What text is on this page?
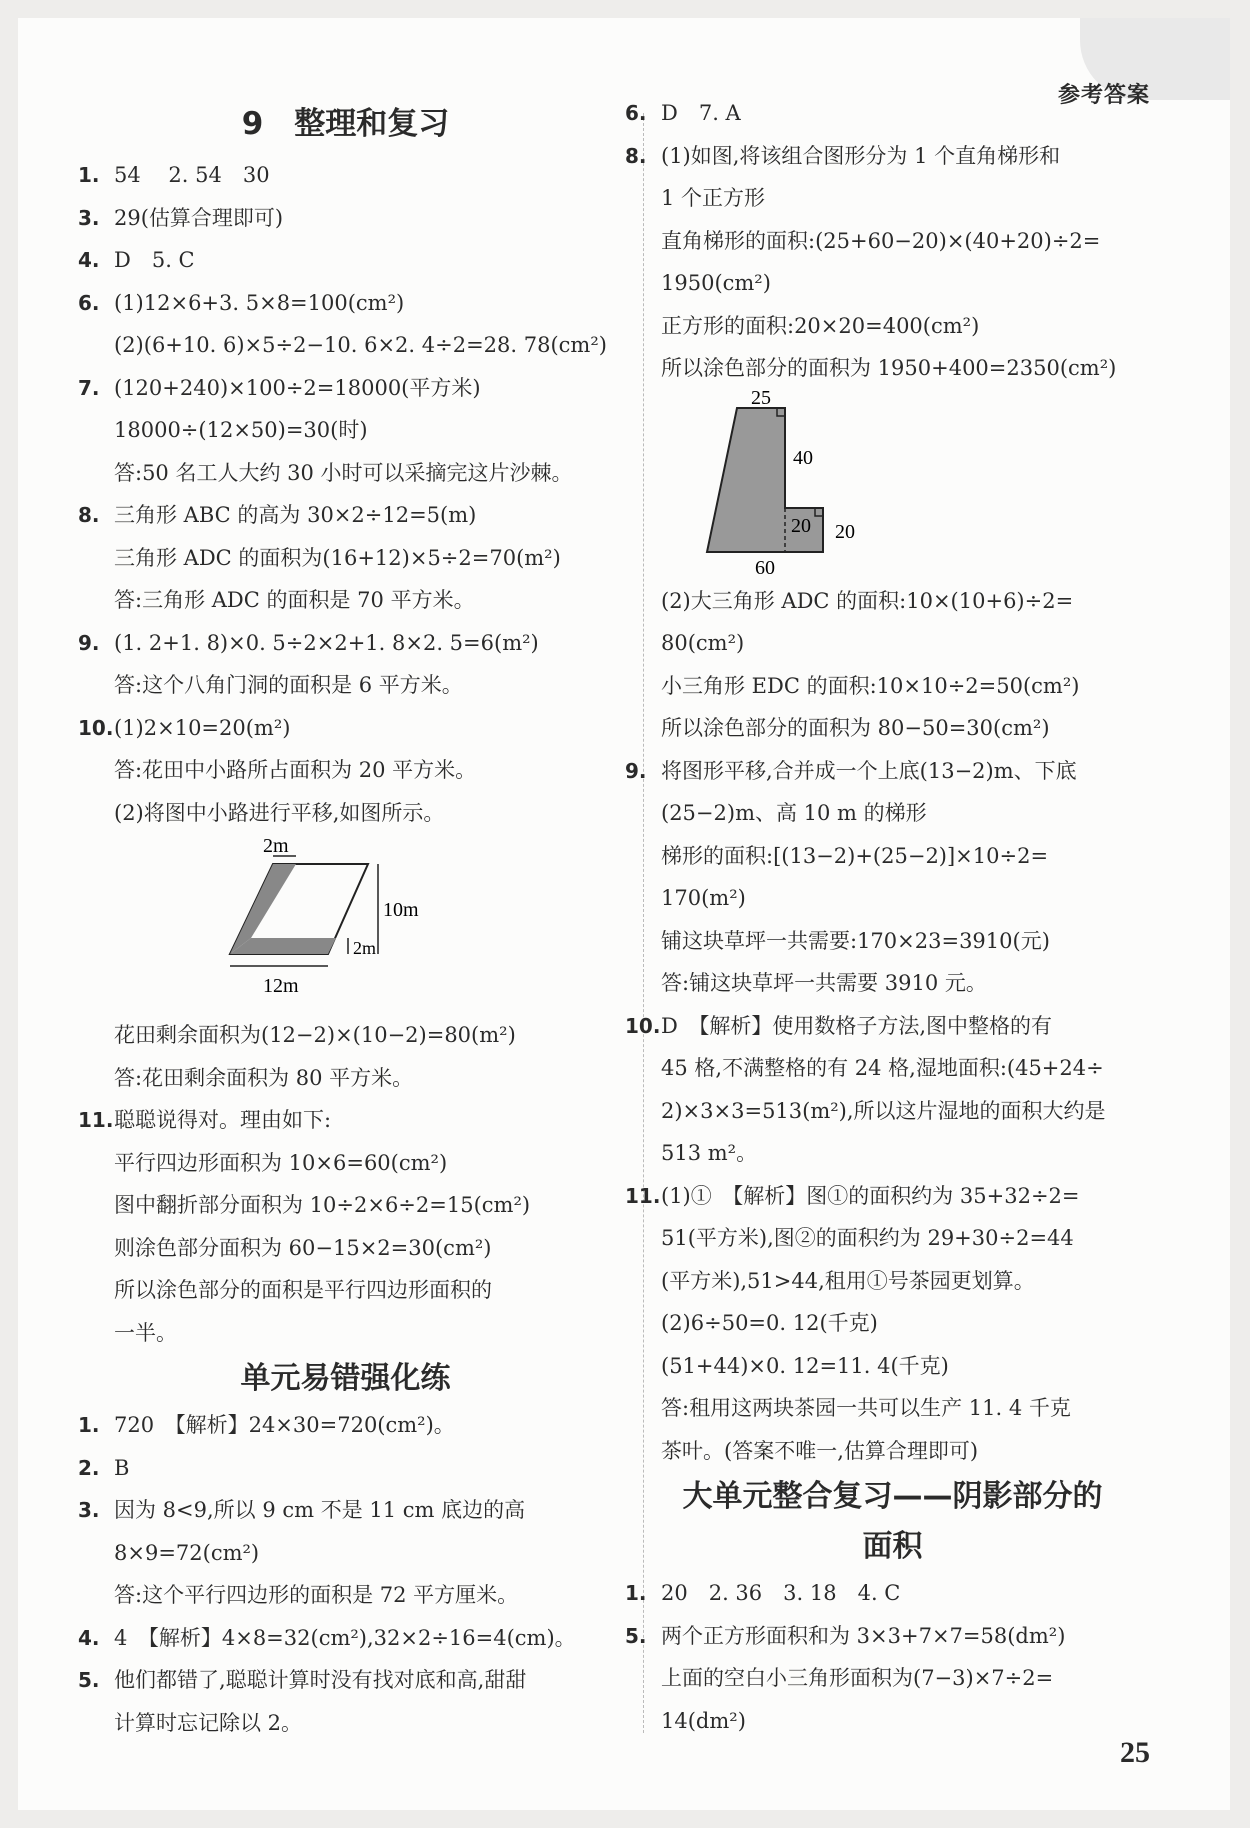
参考答案
25
9　整理和复习
1. 54　 2. 54　30
3. 29(估算合理即可)
4. D　5. C
6. (1)12×6+3. 5×8=100(cm²)
(2)(6+10. 6)×5÷2−10. 6×2. 4÷2=28. 78(cm²)
7. (120+240)×100÷2=18000(平方米)
18000÷(12×50)=30(时)
答:50 名工人大约 30 小时可以采摘完这片沙棘。
8. 三角形 ABC 的高为 30×2÷12=5(m)
三角形 ADC 的面积为(16+12)×5÷2=70(m²)
答:三角形 ADC 的面积是 70 平方米。
9. (1. 2+1. 8)×0. 5÷2×2+1. 8×2. 5=6(m²)
答:这个八角门洞的面积是 6 平方米。
10. (1)2×10=20(m²)
答:花田中小路所占面积为 20 平方米。
(2)将图中小路进行平移,如图所示。
2m
10m
2m
12m
花田剩余面积为(12−2)×(10−2)=80(m²)
答:花田剩余面积为 80 平方米。
11. 聪聪说得对。理由如下:
平行四边形面积为 10×6=60(cm²)
图中翻折部分面积为 10÷2×6÷2=15(cm²)
则涂色部分面积为 60−15×2=30(cm²)
所以涂色部分的面积是平行四边形面积的
一半。
单元易错强化练
1. 720　【解析】24×30=720(cm²)。
2. B
3. 因为 8<9,所以 9 cm 不是 11 cm 底边的高
8×9=72(cm²)
答:这个平行四边形的面积是 72 平方厘米。
4. 4　【解析】4×8=32(cm²),32×2÷16=4(cm)。
5. 他们都错了,聪聪计算时没有找对底和高,甜甜
计算时忘记除以 2。
6. D　7. A
8. (1)如图,将该组合图形分为 1 个直角梯形和
1 个正方形
直角梯形的面积:(25+60−20)×(40+20)÷2=
1950(cm²)
正方形的面积:20×20=400(cm²)
所以涂色部分的面积为 1950+400=2350(cm²)
25
40
20 20
60
(2)大三角形 ADC 的面积:10×(10+6)÷2=
80(cm²)
小三角形 EDC 的面积:10×10÷2=50(cm²)
所以涂色部分的面积为 80−50=30(cm²)
9. 将图形平移,合并成一个上底(13−2)m、下底
(25−2)m、高 10 m 的梯形
梯形的面积:[(13−2)+(25−2)]×10÷2=
170(m²)
铺这块草坪一共需要:170×23=3910(元)
答:铺这块草坪一共需要 3910 元。
10. D　【解析】使用数格子方法,图中整格的有
45 格,不满整格的有 24 格,湿地面积:(45+24÷
2)×3×3=513(m²),所以这片湿地的面积大约是
513 m²。
11. (1)①　【解析】图①的面积约为 35+32÷2=
51(平方米),图②的面积约为 29+30÷2=44
(平方米),51>44,租用①号茶园更划算。
(2)6÷50=0. 12(千克)
(51+44)×0. 12=11. 4(千克)
答:租用这两块茶园一共可以生产 11. 4 千克
茶叶。(答案不唯一,估算合理即可)
大单元整合复习——阴影部分的
面积
1. 20　2. 36　3. 18　4. C
5. 两个正方形面积和为 3×3+7×7=58(dm²)
上面的空白小三角形面积为(7−3)×7÷2=
14(dm²)
